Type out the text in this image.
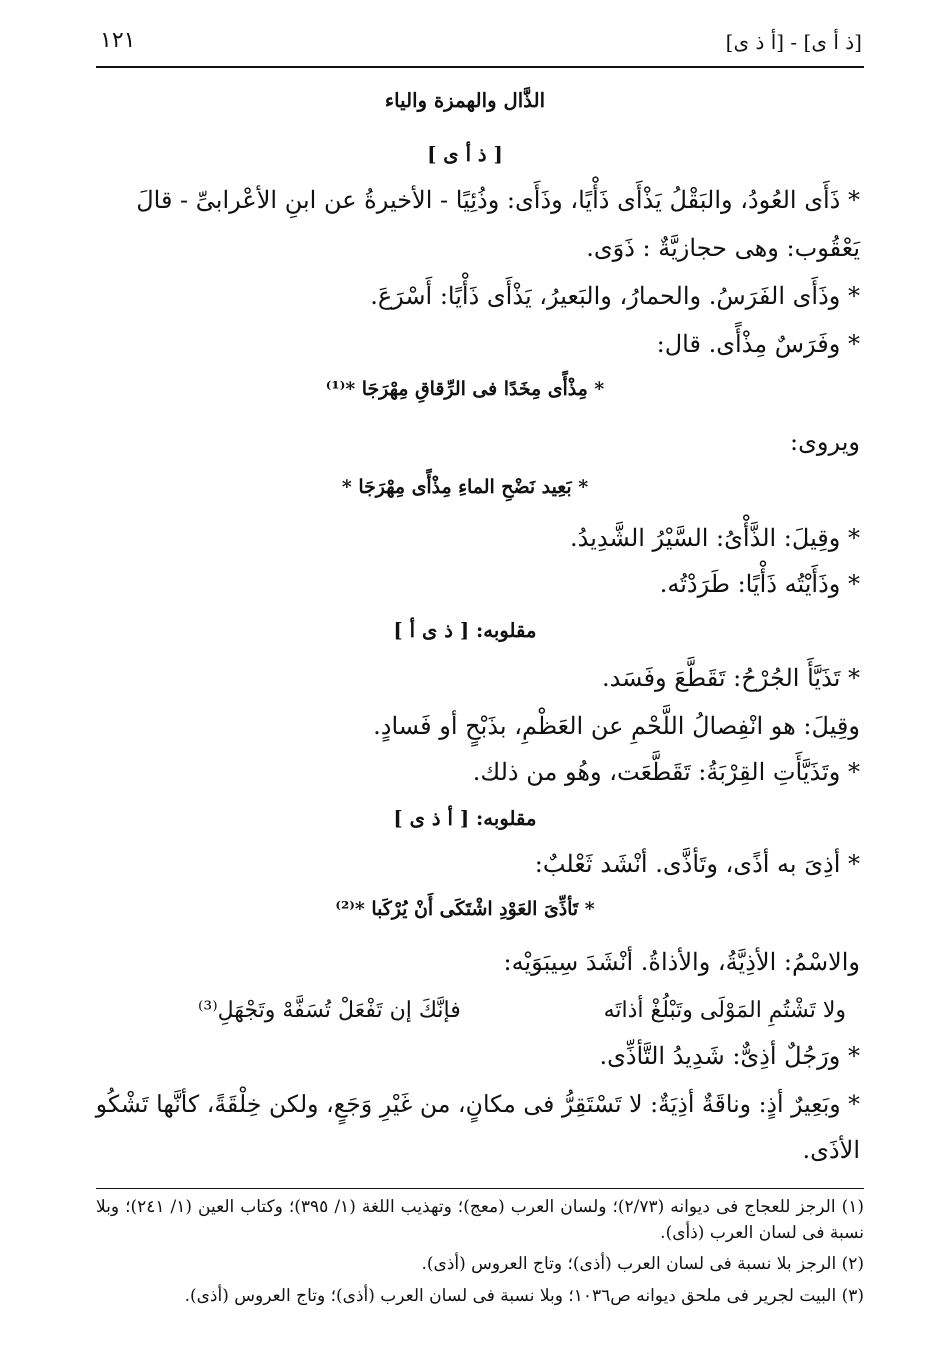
١٢١	[ذ أ ى] - [أ ذ ى]
الذَّال والهمزة والياء
[ ذ أ ى ]
* ذَأَى العُودُ، والبَقْلُ يَذْأَى ذَأْيًا، وذَأَى: وذُئِيًا - الأخيرةُ عن ابنِ الأعْرابىِّ - قالَ
يَعْقُوب: وهى حجازيَّةٌ : ذَوَى.
* وذَأَى الفَرَسُ. والحمارُ، والبَعيرُ، يَذْأَى ذَأْيًا: أَسْرَعَ.
* وفَرَسٌ مِذْأًى. قال:
* مِذْأًى مِخَدًا فى الرِّقاقِ مِهْرَجَا *⁽¹⁾
ويروى:
* بَعِيد نَضْحِ الماءِ مِذْأًى مِهْرَجَا *
* وقِيلَ: الذَّأْىُ: السَّيْرُ الشَّدِيدُ.
* وذَأَيْتُه ذَأْيًا: طَرَدْتُه.
مقلوبه: [ ذ ى أ ]
* تَذَيَّأَ الجُرْحُ: تَقَطَّعَ وفَسَد.
وقِيلَ: هو انْفِصالُ اللَّحْمِ عن العَظْمِ، بذَبْحٍ أو فَسادٍ.
* وتَذَيَّأَتِ القِرْبَةُ: تَقَطَّعَت، وهُو من ذلك.
مقلوبه: [ أ ذ ى ]
* أذِىَ به أذًى، وتَأذَّى. أنْشَد ثَعْلبٌ:
* تَأذِّىَ العَوْدِ اشْتَكَى أَنْ يُرْكَبا *⁽²⁾
والاسْمُ: الأذِيَّةُ، والأذاةُ. أنْشَدَ سِيبَوَيْه:
ولا تَشْتُمِ المَوْلَى وتَبْلُغْ أذاتَه
فإنَّكَ إن تَفْعَلْ تُسَفَّهْ وتَجْهَلِ⁽³⁾
* ورَجُلٌ أذِىٌّ: شَدِيدُ التَّأذِّى.
* وبَعِيرٌ أذٍ: وناقَةٌ أذِيَةٌ: لا تَسْتَقِرُّ فى مكانٍ، من غَيْرِ وَجَعٍ، ولكن خِلْقَةً، كأنَّها تَشْكُو
الأذَى.
(١) الرجز للعجاج فى ديوانه (٢/٧٣)؛ ولسان العرب (معج)؛ وتهذيب اللغة (١/ ٣٩٥)؛ وكتاب العين (١/ ٢٤١)؛ وبلا نسبة فى لسان العرب (ذأى).
(٢) الرجز بلا نسبة فى لسان العرب (أذى)؛ وتاج العروس (أذى).
(٣) البيت لجرير فى ملحق ديوانه ص١٠٣٦؛ وبلا نسبة فى لسان العرب (أذى)؛ وتاج العروس (أذى).
